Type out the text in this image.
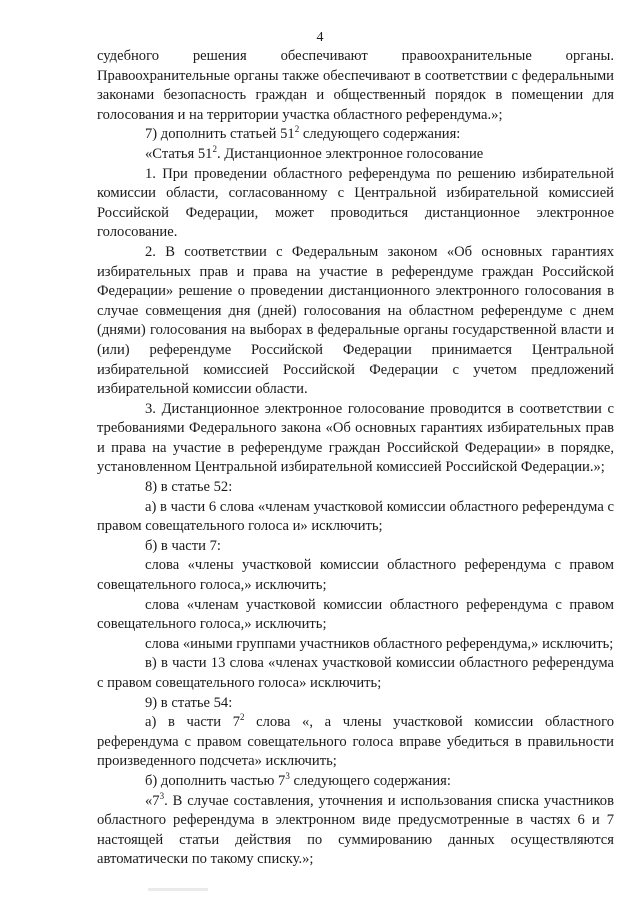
4

судебного решения обеспечивают правоохранительные органы. Правоохранительные органы также обеспечивают в соответствии с федеральными законами безопасность граждан и общественный порядок в помещении для голосования и на территории участка областного референдума.»;

7) дополнить статьей $51^2$ следующего содержания:

«Статья $51^2$. Дистанционное электронное голосование

1. При проведении областного референдума по решению избирательной комиссии области, согласованному с Центральной избирательной комиссией Российской Федерации, может проводиться дистанционное электронное голосование.

2. В соответствии с Федеральным законом «Об основных гарантиях избирательных прав и права на участие в референдуме граждан Российской Федерации» решение о проведении дистанционного электронного голосования в случае совмещения дня (дней) голосования на областном референдуме с днем (днями) голосования на выборах в федеральные органы государственной власти и (или) референдуме Российской Федерации принимается Центральной избирательной комиссией Российской Федерации с учетом предложений избирательной комиссии области.

3. Дистанционное электронное голосование проводится в соответствии с требованиями Федерального закона «Об основных гарантиях избирательных прав и права на участие в референдуме граждан Российской Федерации» в порядке, установленном Центральной избирательной комиссией Российской Федерации.»;

8) в статье 52:

а) в части 6 слова «членам участковой комиссии областного референдума с правом совещательного голоса и» исключить;

б) в части 7:

слова «члены участковой комиссии областного референдума с правом совещательного голоса,» исключить;

слова «членам участковой комиссии областного референдума с правом совещательного голоса,» исключить;

слова «иными группами участников областного референдума,» исключить;

в) в части 13 слова «членах участковой комиссии областного референдума с правом совещательного голоса» исключить;

9) в статье 54:

а) в части $7^2$ слова «, а члены участковой комиссии областного референдума с правом совещательного голоса вправе убедиться в правильности произведенного подсчета» исключить;

б) дополнить частью $7^3$ следующего содержания:

«$7^3$. В случае составления, уточнения и использования списка участников областного референдума в электронном виде предусмотренные в частях 6 и 7 настоящей статьи действия по суммированию данных осуществляются автоматически по такому списку.»;
